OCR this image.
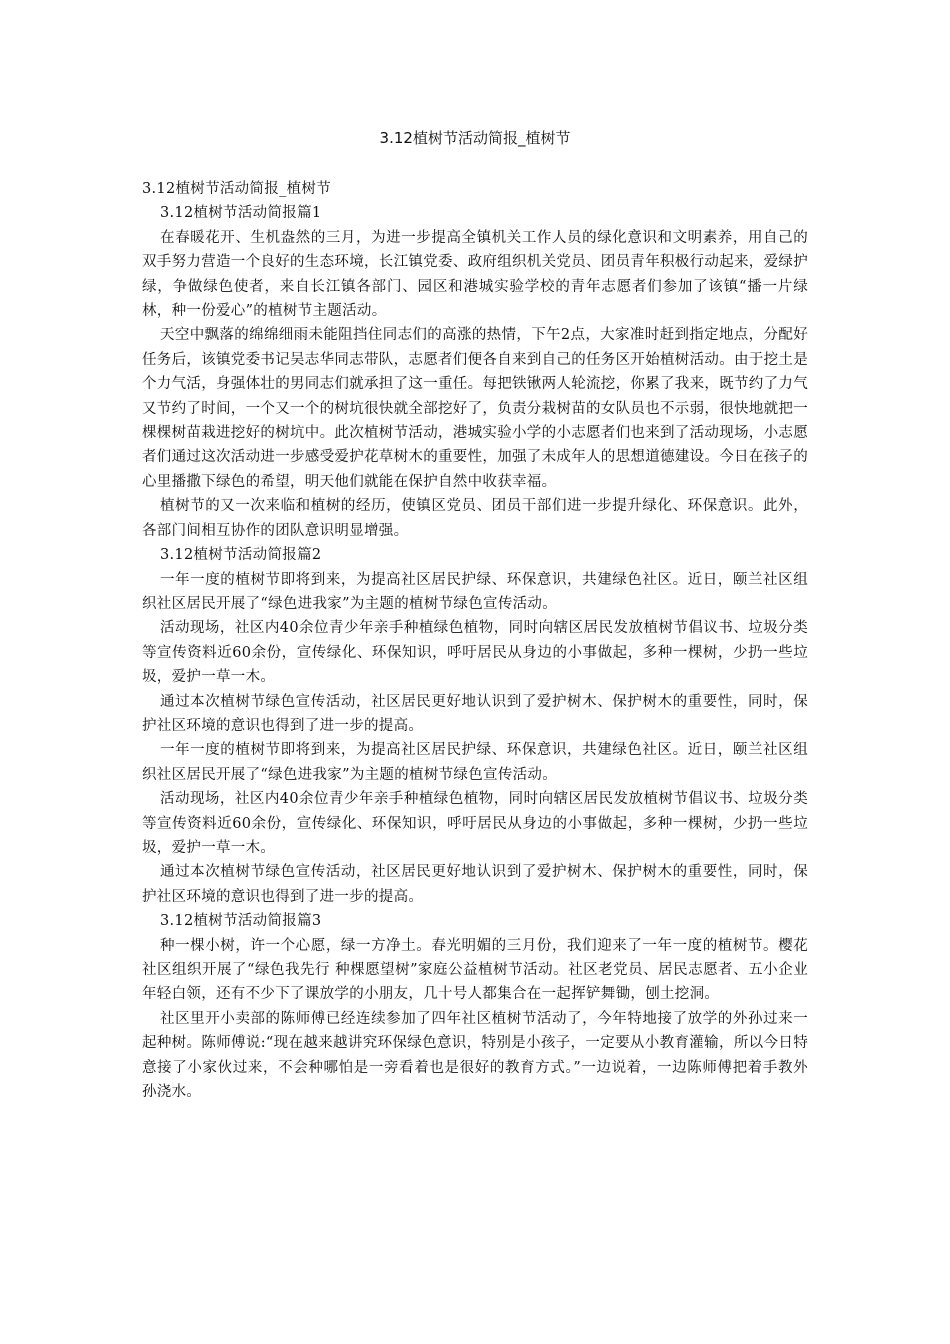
3.12植树节活动简报_植树节

3.12植树节活动简报_植树节

3.12植树节活动简报篇1

在春暖花开、生机盎然的三月，为进一步提高全镇机关工作人员的绿化意识和文明素养，用自己的双手努力营造一个良好的生态环境，长江镇党委、政府组织机关党员、团员青年积极行动起来，爱绿护绿，争做绿色使者，来自长江镇各部门、园区和港城实验学校的青年志愿者们参加了该镇“播一片绿林，种一份爱心”的植树节主题活动。

天空中飘落的绵绵细雨未能阻挡住同志们的高涨的热情，下午2点，大家准时赶到指定地点，分配好任务后，该镇党委书记吴志华同志带队，志愿者们便各自来到自己的任务区开始植树活动。由于挖土是个力气活，身强体壮的男同志们就承担了这一重任。每把铁锹两人轮流挖，你累了我来，既节约了力气又节约了时间，一个又一个的树坑很快就全部挖好了，负责分栽树苗的女队员也不示弱，很快地就把一棵棵树苗栽进挖好的树坑中。此次植树节活动，港城实验小学的小志愿者们也来到了活动现场，小志愿者们通过这次活动进一步感受爱护花草树木的重要性，加强了未成年人的思想道德建设。今日在孩子的心里播撒下绿色的希望，明天他们就能在保护自然中收获幸福。

植树节的又一次来临和植树的经历，使镇区党员、团员干部们进一步提升绿化、环保意识。此外，各部门间相互协作的团队意识明显增强。

3.12植树节活动简报篇2

一年一度的植树节即将到来，为提高社区居民护绿、环保意识，共建绿色社区。近日，颐兰社区组织社区居民开展了“绿色进我家”为主题的植树节绿色宣传活动。

活动现场，社区内40余位青少年亲手种植绿色植物，同时向辖区居民发放植树节倡议书、垃圾分类等宣传资料近60余份，宣传绿化、环保知识，呼吁居民从身边的小事做起，多种一棵树，少扔一些垃圾，爱护一草一木。

通过本次植树节绿色宣传活动，社区居民更好地认识到了爱护树木、保护树木的重要性，同时，保护社区环境的意识也得到了进一步的提高。

一年一度的植树节即将到来，为提高社区居民护绿、环保意识，共建绿色社区。近日，颐兰社区组织社区居民开展了“绿色进我家”为主题的植树节绿色宣传活动。

活动现场，社区内40余位青少年亲手种植绿色植物，同时向辖区居民发放植树节倡议书、垃圾分类等宣传资料近60余份，宣传绿化、环保知识，呼吁居民从身边的小事做起，多种一棵树，少扔一些垃圾，爱护一草一木。

通过本次植树节绿色宣传活动，社区居民更好地认识到了爱护树木、保护树木的重要性，同时，保护社区环境的意识也得到了进一步的提高。

3.12植树节活动简报篇3

种一棵小树，许一个心愿，绿一方净土。春光明媚的三月份，我们迎来了一年一度的植树节。樱花社区组织开展了“绿色我先行 种棵愿望树”家庭公益植树节活动。社区老党员、居民志愿者、五小企业年轻白领，还有不少下了课放学的小朋友，几十号人都集合在一起挥铲舞锄，刨土挖洞。

社区里开小卖部的陈师傅已经连续参加了四年社区植树节活动了，今年特地接了放学的外孙过来一起种树。陈师傅说:“现在越来越讲究环保绿色意识，特别是小孩子，一定要从小教育灌输，所以今日特意接了小家伙过来，不会种哪怕是一旁看着也是很好的教育方式。”一边说着，一边陈师傅把着手教外孙浇水。
